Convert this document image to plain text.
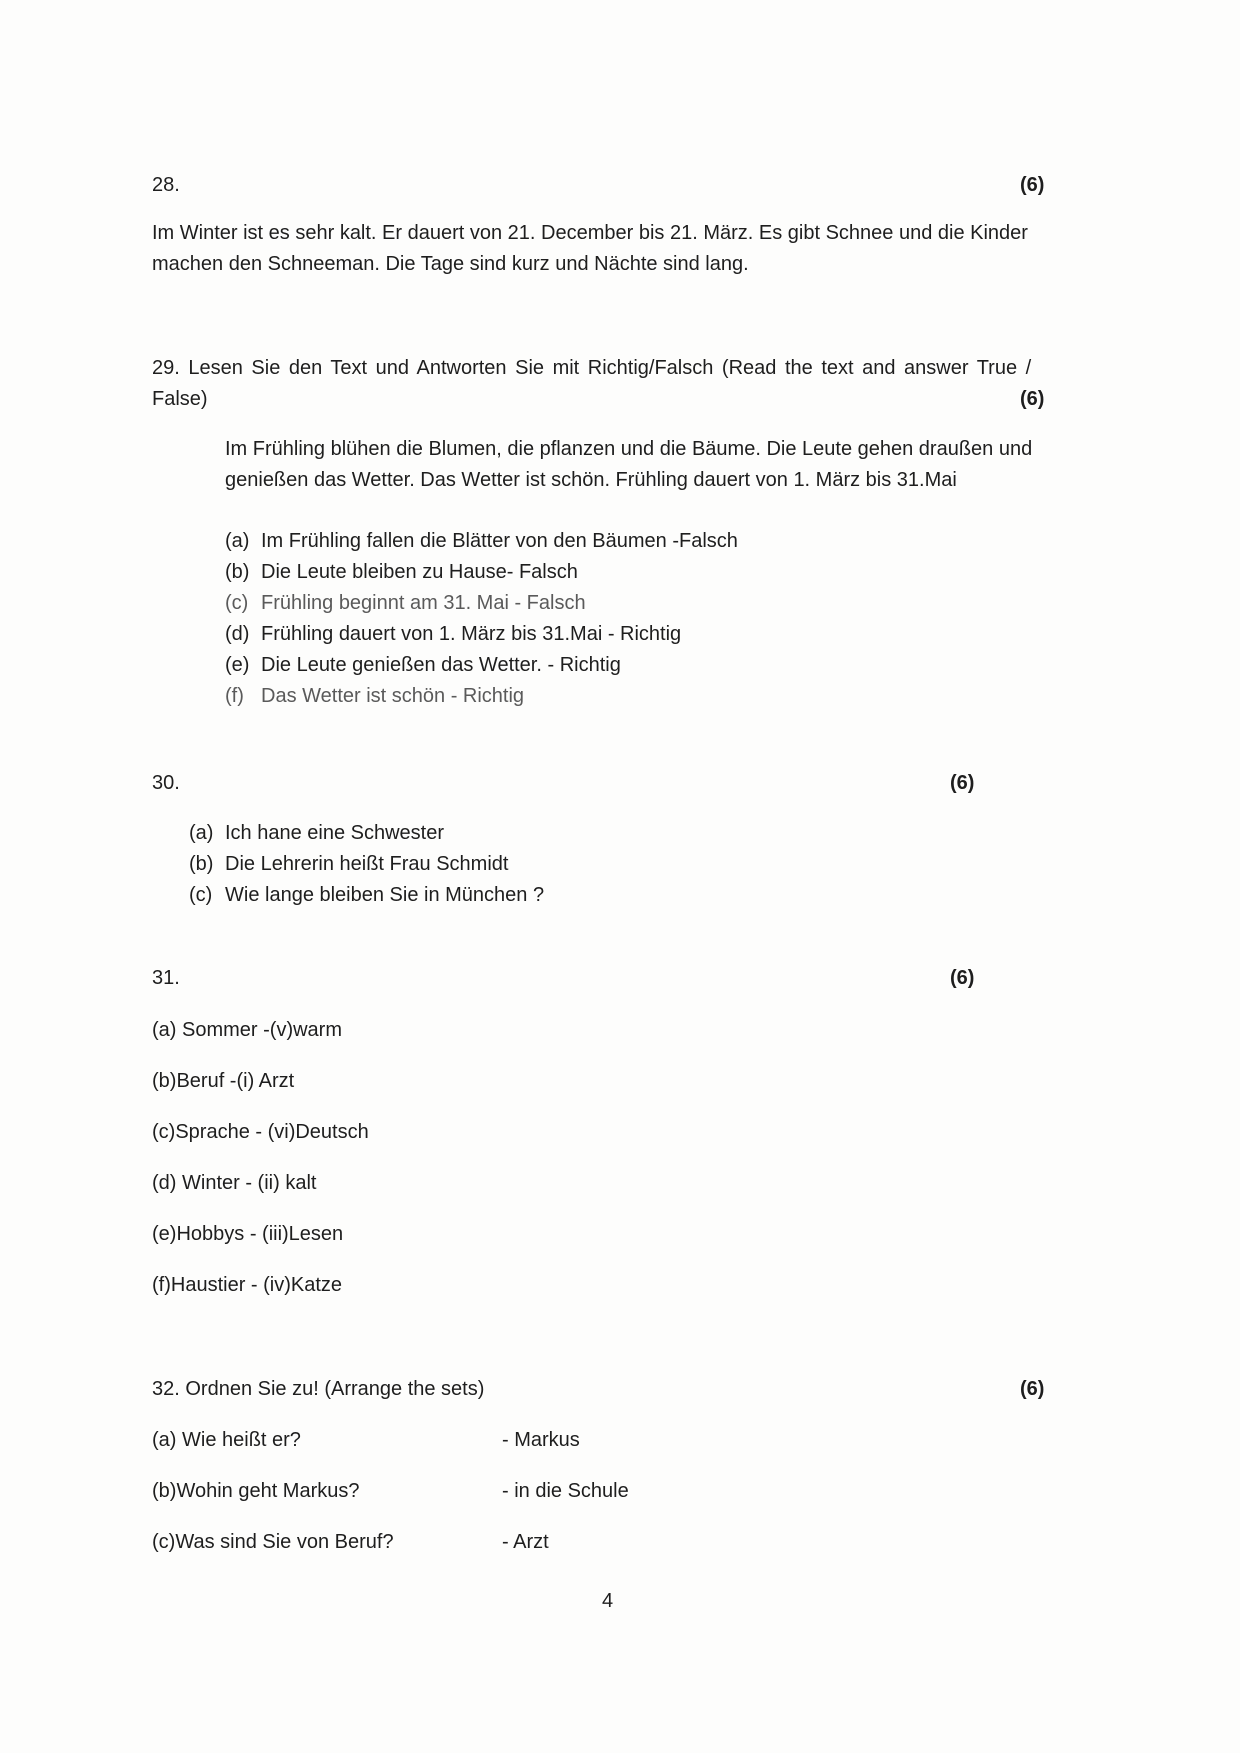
28.	(6)
Im Winter ist es sehr kalt. Er dauert von 21. December bis 21. März. Es gibt Schnee und die Kinder machen den Schneeman. Die Tage sind kurz und Nächte sind lang.
29. Lesen Sie den Text und Antworten Sie mit Richtig/Falsch (Read the text and answer True /
False)	(6)
Im Frühling blühen die Blumen, die pflanzen und die Bäume. Die Leute gehen draußen und genießen das Wetter. Das Wetter ist schön. Frühling dauert von 1. März bis 31.Mai
(a) Im Frühling fallen die Blätter von den Bäumen -Falsch
(b) Die Leute bleiben zu Hause- Falsch
(c) Frühling beginnt am 31. Mai - Falsch
(d) Frühling dauert von 1. März bis 31.Mai - Richtig
(e) Die Leute genießen das Wetter. - Richtig
(f) Das Wetter ist schön - Richtig
30.	(6)
(a) Ich hane eine Schwester
(b) Die Lehrerin heißt Frau Schmidt
(c) Wie lange bleiben Sie in München ?
31.	(6)
(a) Sommer -(v)warm
(b)Beruf -(i) Arzt
(c)Sprache - (vi)Deutsch
(d) Winter - (ii) kalt
(e)Hobbys - (iii)Lesen
(f)Haustier - (iv)Katze
32. Ordnen Sie zu! (Arrange the sets)	(6)
(a) Wie heißt er?	- Markus
(b)Wohin geht Markus?	- in die Schule
(c)Was sind Sie von Beruf?	- Arzt
4
